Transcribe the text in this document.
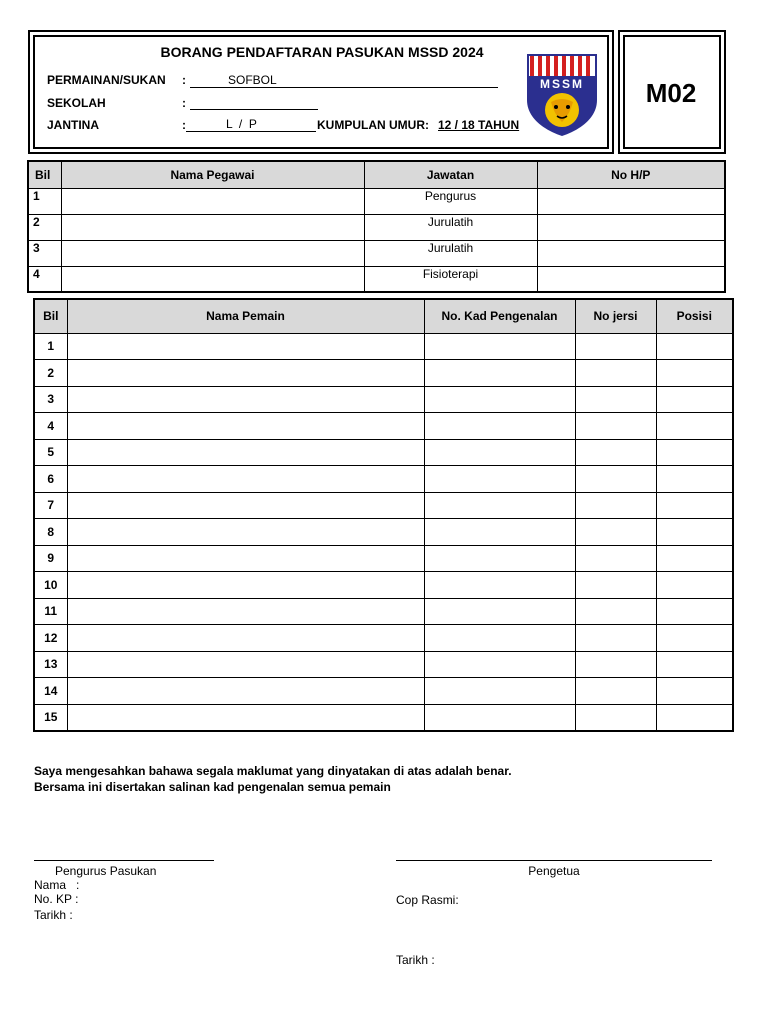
BORANG PENDAFTARAN PASUKAN MSSD 2024
PERMAINAN/SUKAN :	SOFBOL
SEKOLAH	:
JANTINA	:	L  /  P	KUMPULAN UMUR: 12 / 18 TAHUN
MSSM	M02
Bil	Nama Pegawai	Jawatan	No H/P
1		Pengurus	
2		Jurulatih	
3		Jurulatih	
4		Fisioterapi	
Bil	Nama Pemain	No. Kad Pengenalan	No jersi	Posisi
1				
2				
3				
4				
5				
6				
7				
8				
9				
10				
11				
12				
13				
14				
15				
Saya mengesahkan bahawa segala maklumat yang dinyatakan di atas adalah benar.
Bersama ini disertakan salinan kad pengenalan semua pemain
Pengurus Pasukan
Nama   :
No. KP :
Tarikh :
Pengetua
Cop Rasmi:
Tarikh :
